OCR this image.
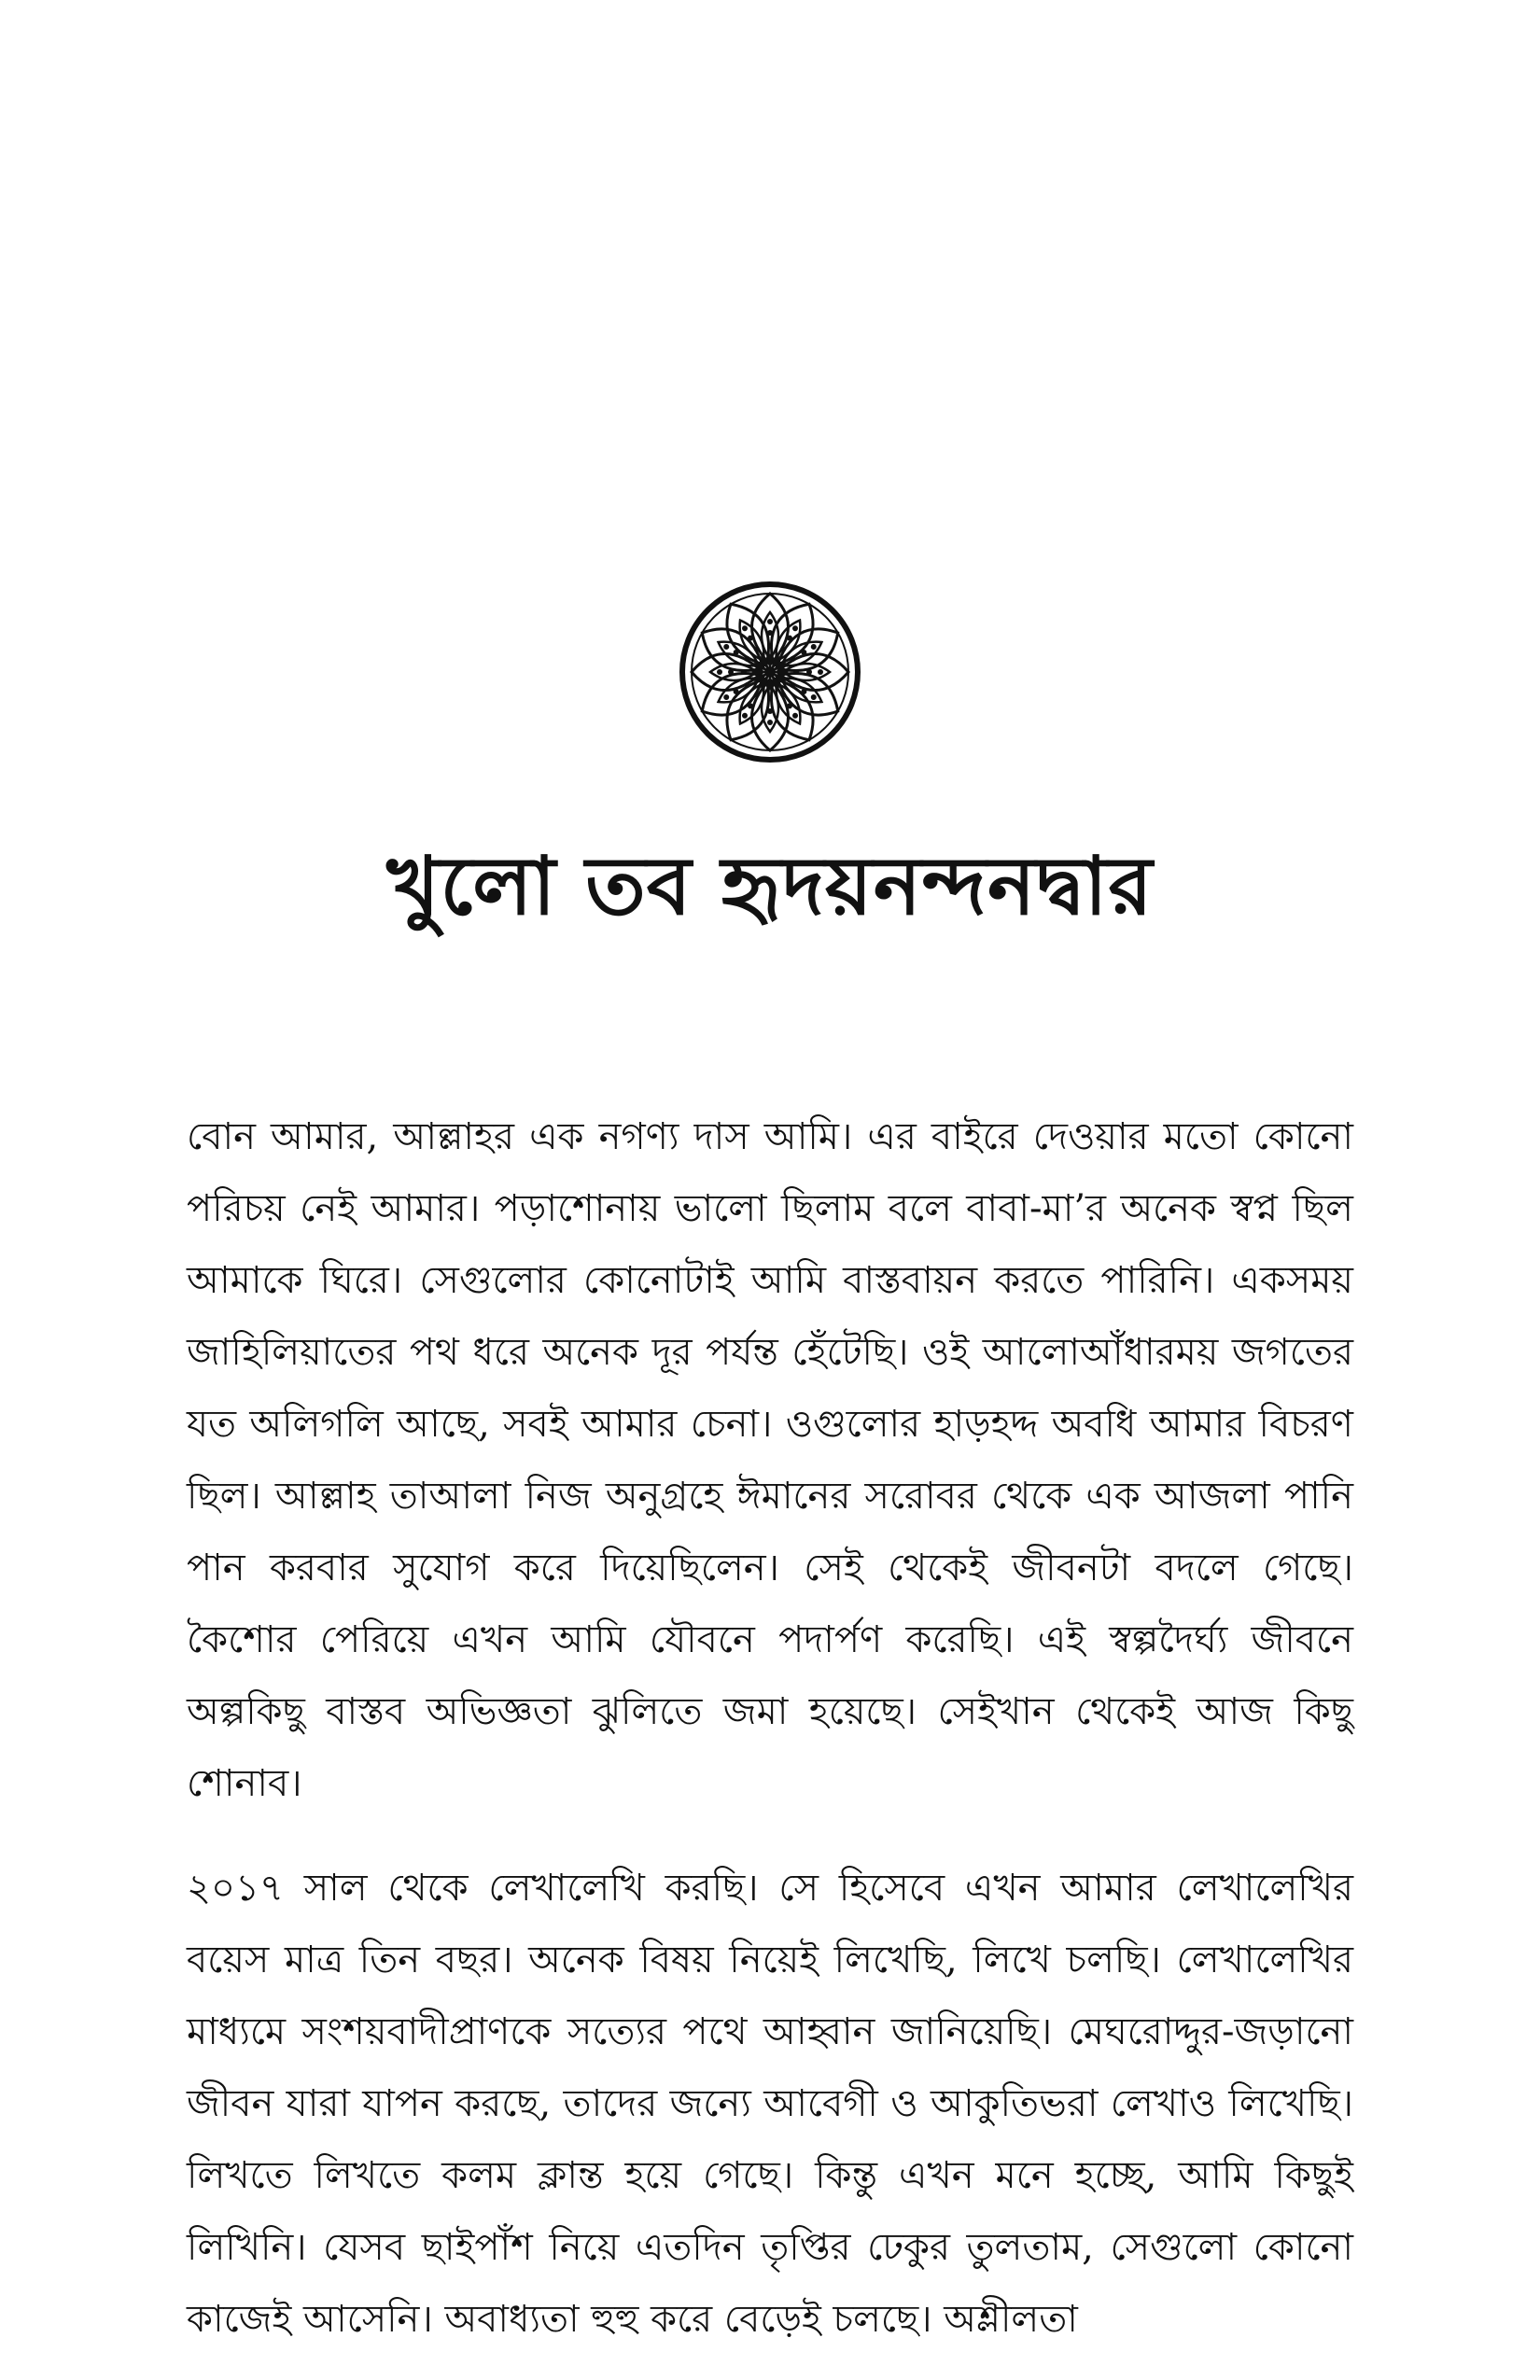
খুলো তব হৃদয়নন্দনদ্বার

বোন আমার, আল্লাহর এক নগণ্য দাস আমি। এর বাইরে দেওয়ার মতো কোনো পরিচয় নেই আমার। পড়াশোনায় ভালো ছিলাম বলে বাবা-মা’র অনেক স্বপ্ন ছিল আমাকে ঘিরে। সেগুলোর কোনোটাই আমি বাস্তবায়ন করতে পারিনি। একসময় জাহিলিয়াতের পথ ধরে অনেক দূর পর্যন্ত হেঁটেছি। ওই আলোআঁধারময় জগতের যত অলিগলি আছে, সবই আমার চেনা। ওগুলোর হাড়হদ্দ অবধি আমার বিচরণ ছিল। আল্লাহ তাআলা নিজ অনুগ্রহে ঈমানের সরোবর থেকে এক আজলা পানি পান করবার সুযোগ করে দিয়েছিলেন। সেই থেকেই জীবনটা বদলে গেছে। কৈশোর পেরিয়ে এখন আমি যৌবনে পদার্পণ করেছি। এই স্বল্পদৈর্ঘ্য জীবনে অল্পকিছু বাস্তব অভিজ্ঞতা ঝুলিতে জমা হয়েছে। সেইখান থেকেই আজ কিছু শোনাব।

২০১৭ সাল থেকে লেখালেখি করছি। সে হিসেবে এখন আমার লেখালেখির বয়েস মাত্র তিন বছর। অনেক বিষয় নিয়েই লিখেছি, লিখে চলছি। লেখালেখির মাধ্যমে সংশয়বাদীপ্রাণকে সত্যের পথে আহ্বান জানিয়েছি। মেঘরোদ্দুর-জড়ানো জীবন যারা যাপন করছে, তাদের জন্যে আবেগী ও আকুতিভরা লেখাও লিখেছি। লিখতে লিখতে কলম ক্লান্ত হয়ে গেছে। কিন্তু এখন মনে হচ্ছে, আমি কিছুই লিখিনি। যেসব ছাইপাঁশ নিয়ে এতদিন তৃপ্তির ঢেকুর তুলতাম, সেগুলো কোনো কাজেই আসেনি। অবাধ্যতা হুহু করে বেড়েই চলছে। অশ্লীলতা
